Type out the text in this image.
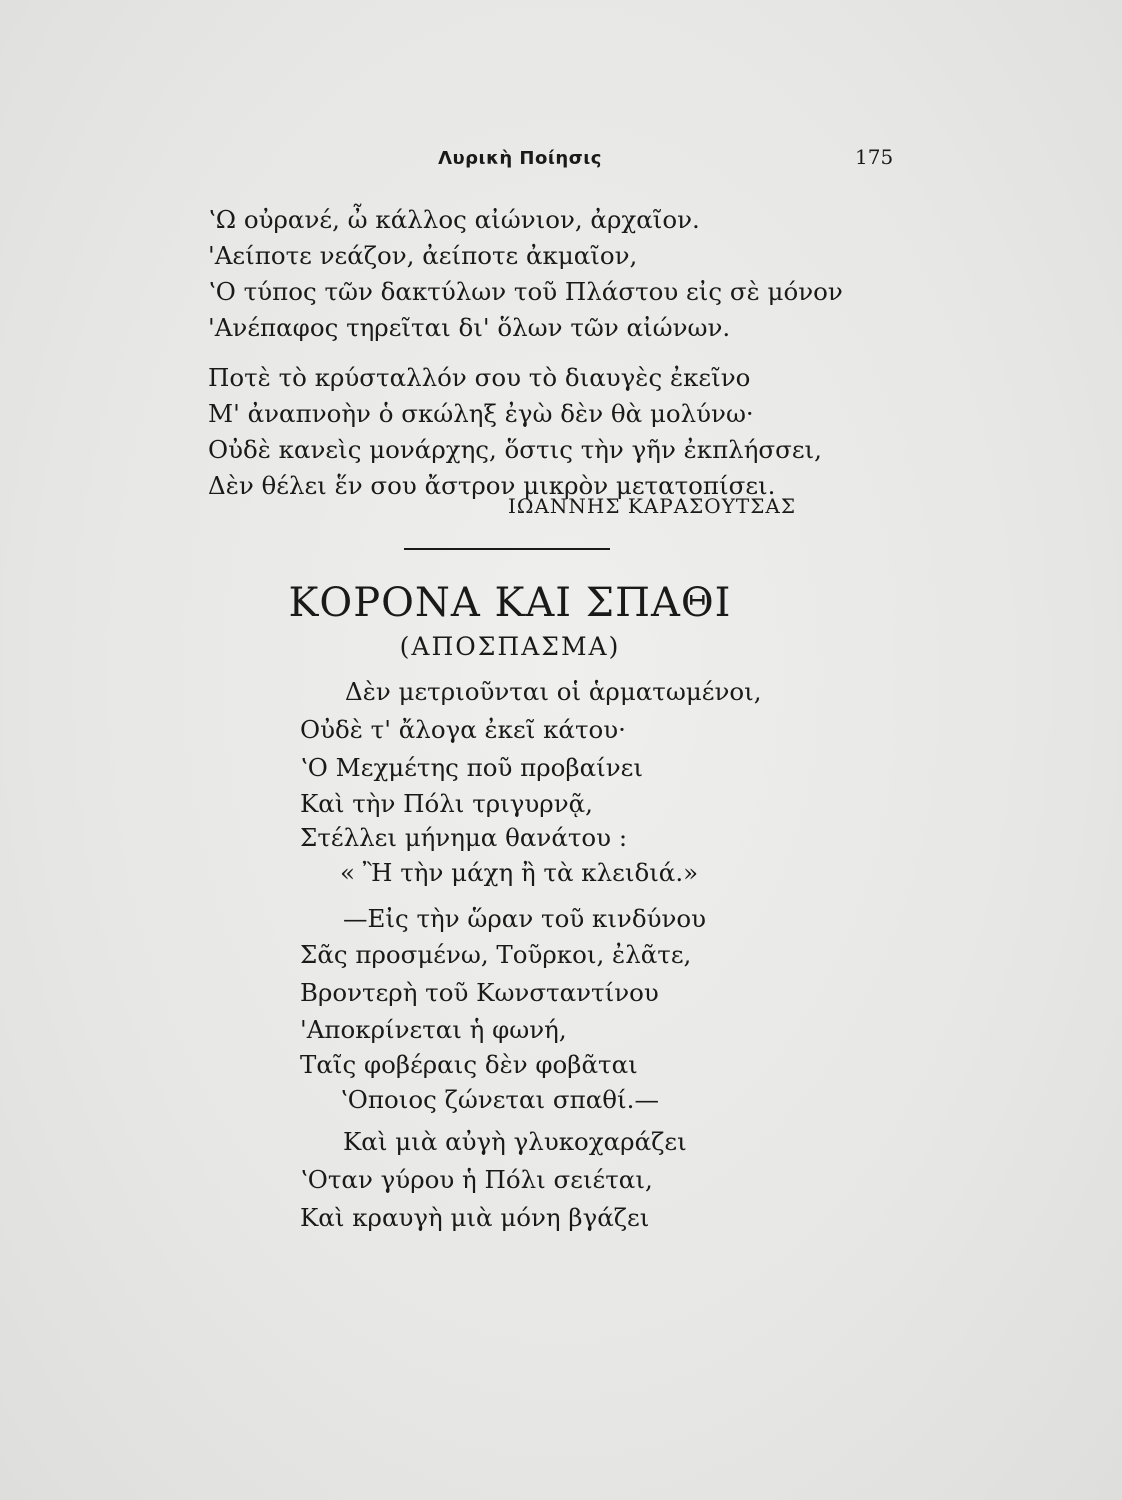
Λυρικὴ Ποίησις	175
ʽΩ οὐρανέ, ὦ κάλλος αἰώνιον, ἀρχαῖον.
'Αείποτε νεάζον, ἀείποτε ἀκμαῖον,
ʽΟ τύπος τῶν δακτύλων τοῦ Πλάστου εἰς σὲ μόνον
'Ανέπαφος τηρεῖται δι' ὅλων τῶν αἰώνων.
Ποτὲ τὸ κρύσταλλόν σου τὸ διαυγὲς ἐκεῖνο
Μ' ἀναπνοὴν ὁ σκώληξ ἐγὼ δὲν θὰ μολύνω·
Οὐδὲ κανεὶς μονάρχης, ὅστις τὴν γῆν ἐκπλήσσει,
Δὲν θέλει ἕν σου ἄστρον μικρὸν μετατοπίσει.
ΙΩΑΝΝΗΣ ΚΑΡΑΣΟΥΤΣΑΣ
ΚΟΡΟΝΑ ΚΑΙ ΣΠΑΘΙ
(ΑΠΟΣΠΑΣΜΑ)
Δὲν μετριοῦνται οἱ ἁρματωμένοι,
Οὐδὲ τ' ἄλογα ἐκεῖ κάτου·
ʽΟ Μεχμέτης ποῦ προβαίνει
Καὶ τὴν Πόλι τριγυρνᾷ,
Στέλλει μήνημα θανάτου :
« Ἢ τὴν μάχη ἢ τὰ κλειδιά.»
—Εἰς τὴν ὥραν τοῦ κινδύνου
Σᾶς προσμένω, Τοῦρκοι, ἐλᾶτε,
Βροντερὴ τοῦ Κωνσταντίνου
'Αποκρίνεται ἡ φωνή,
Ταῖς φοβέραις δὲν φοβᾶται
ʽΟποιος ζώνεται σπαθί.—
Καὶ μιὰ αὐγὴ γλυκοχαράζει
ʽΟταν γύρου ἡ Πόλι σειέται,
Καὶ κραυγὴ μιὰ μόνη βγάζει
